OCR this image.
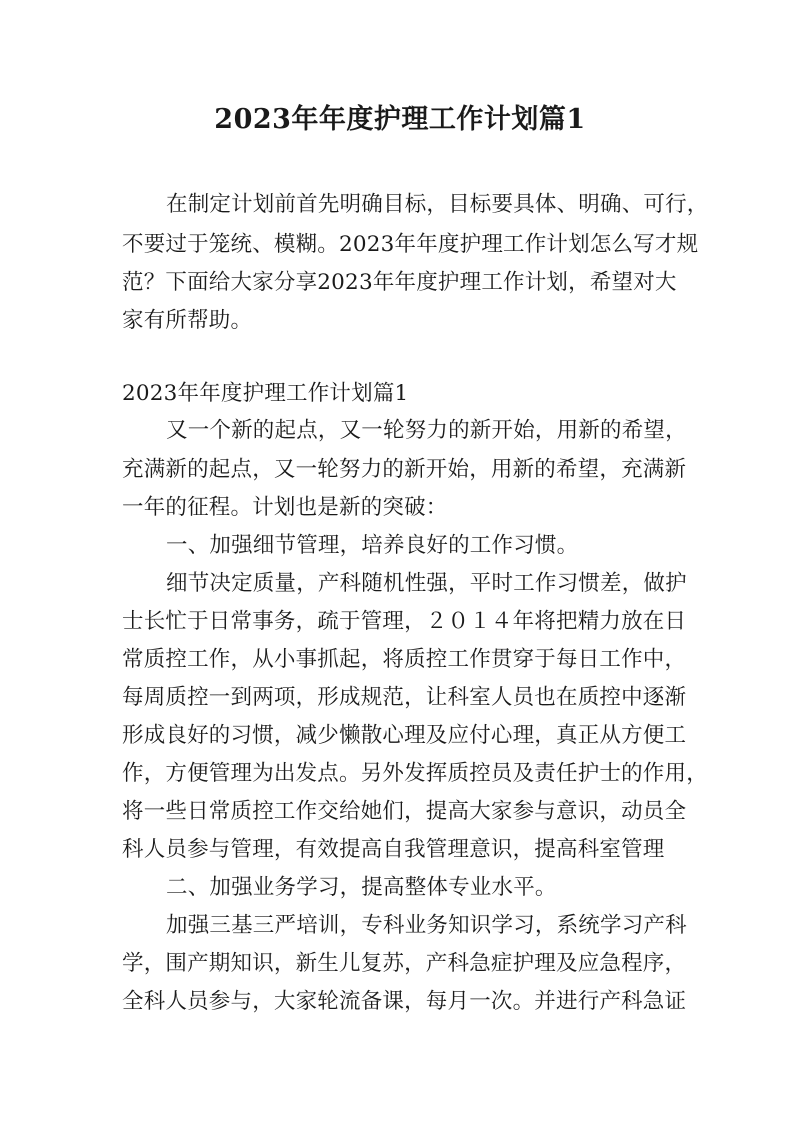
2023年年度护理工作计划篇1
在制定计划前首先明确目标，目标要具体、明确、可行，
不要过于笼统、模糊。2023年年度护理工作计划怎么写才规
范？下面给大家分享2023年年度护理工作计划，希望对大
家有所帮助。
2023年年度护理工作计划篇1
又一个新的起点，又一轮努力的新开始，用新的希望，
充满新的起点，又一轮努力的新开始，用新的希望，充满新
一年的征程。计划也是新的突破：
一、加强细节管理，培养良好的工作习惯。
细节决定质量，产科随机性强，平时工作习惯差，做护
士长忙于日常事务，疏于管理，２０１４年将把精力放在日
常质控工作，从小事抓起，将质控工作贯穿于每日工作中，
每周质控一到两项，形成规范，让科室人员也在质控中逐渐
形成良好的习惯，减少懒散心理及应付心理，真正从方便工
作，方便管理为出发点。另外发挥质控员及责任护士的作用，
将一些日常质控工作交给她们，提高大家参与意识，动员全
科人员参与管理，有效提高自我管理意识，提高科室管理
二、加强业务学习，提高整体专业水平。
加强三基三严培训，专科业务知识学习，系统学习产科
学，围产期知识，新生儿复苏，产科急症护理及应急程序，
全科人员参与，大家轮流备课，每月一次。并进行产科急证
